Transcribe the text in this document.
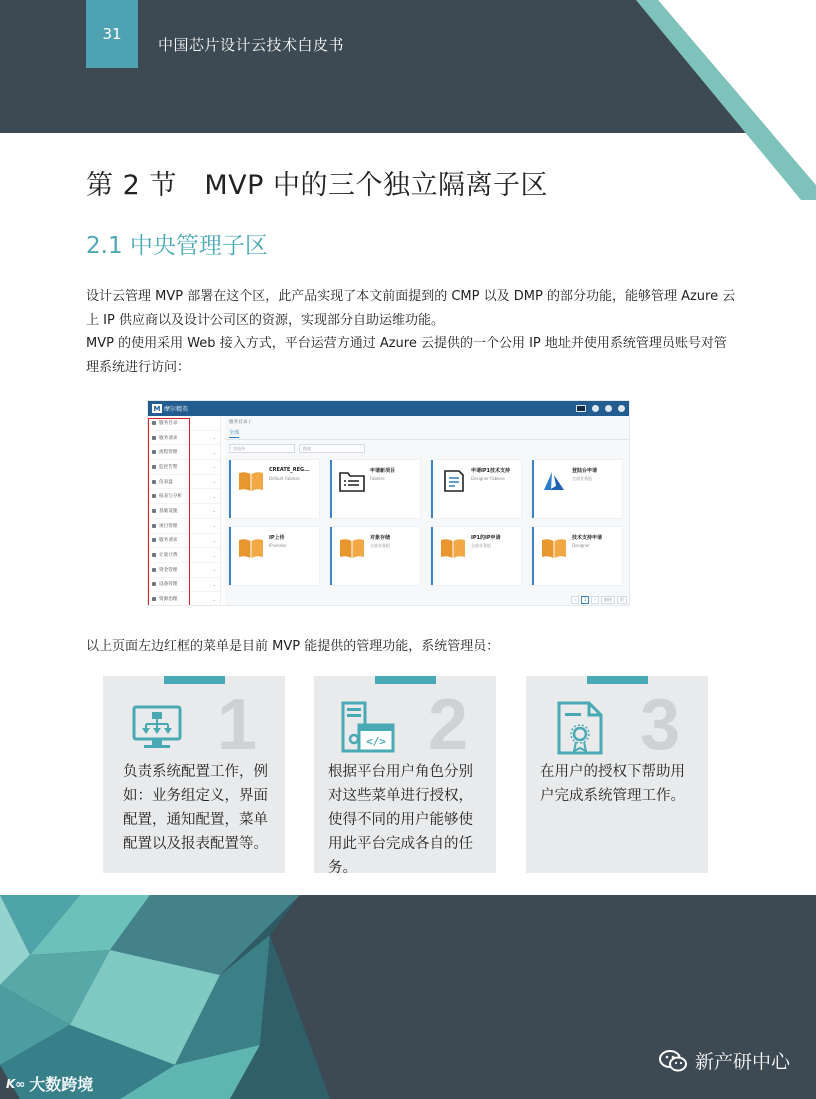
31
中国芯片设计云技术白皮书
第 2 节　MVP 中的三个独立隔离子区
2.1 中央管理子区

设计云管理 MVP 部署在这个区，此产品实现了本文前面提到的 CMP 以及 DMP 的部分功能，能够管理 Azure 云上 IP 供应商以及设计公司区的资源，实现部分自助运维功能。

MVP 的使用采用 Web 接入方式，平台运营方通过 Azure 云提供的一个公用 IP 地址并使用系统管理员账号对管理系统进行访问：

M 摩尔精英
服务目录
服务请求	⌄
流程管理	⌄
监控告警	⌄
仪表盘	⌄
报表与分析	⌄
基础设施	⌄
项目管理	⌄
服务请求	⌄
计量计费	⌄
资金管理	⌄
设备管理	⌄
资源治理	⌄
服务目录 /
全部
请选择	搜索
CREATE_REG...
Default Fabless
申请新项目
Fabless
申请IP1技术支持
Designer Fabless
登陆台申请
全部业务组
IP上传
IPvendor
对象存储
全部业务组
IP1的IP申请
全部业务组
技术支持申请
Designer
‹	1	›	前往	页

以上页面左边红框的菜单是目前 MVP 能提供的管理功能，系统管理员：

1
负责系统配置工作，例如：业务组定义，界面配置，通知配置，菜单配置以及报表配置等。
</> 2
根据平台用户角色分别对这些菜单进行授权，使得不同的用户能够使用此平台完成各自的任务。
3
在用户的授权下帮助用户完成系统管理工作。
新产研中心
K∞ 大数跨境
